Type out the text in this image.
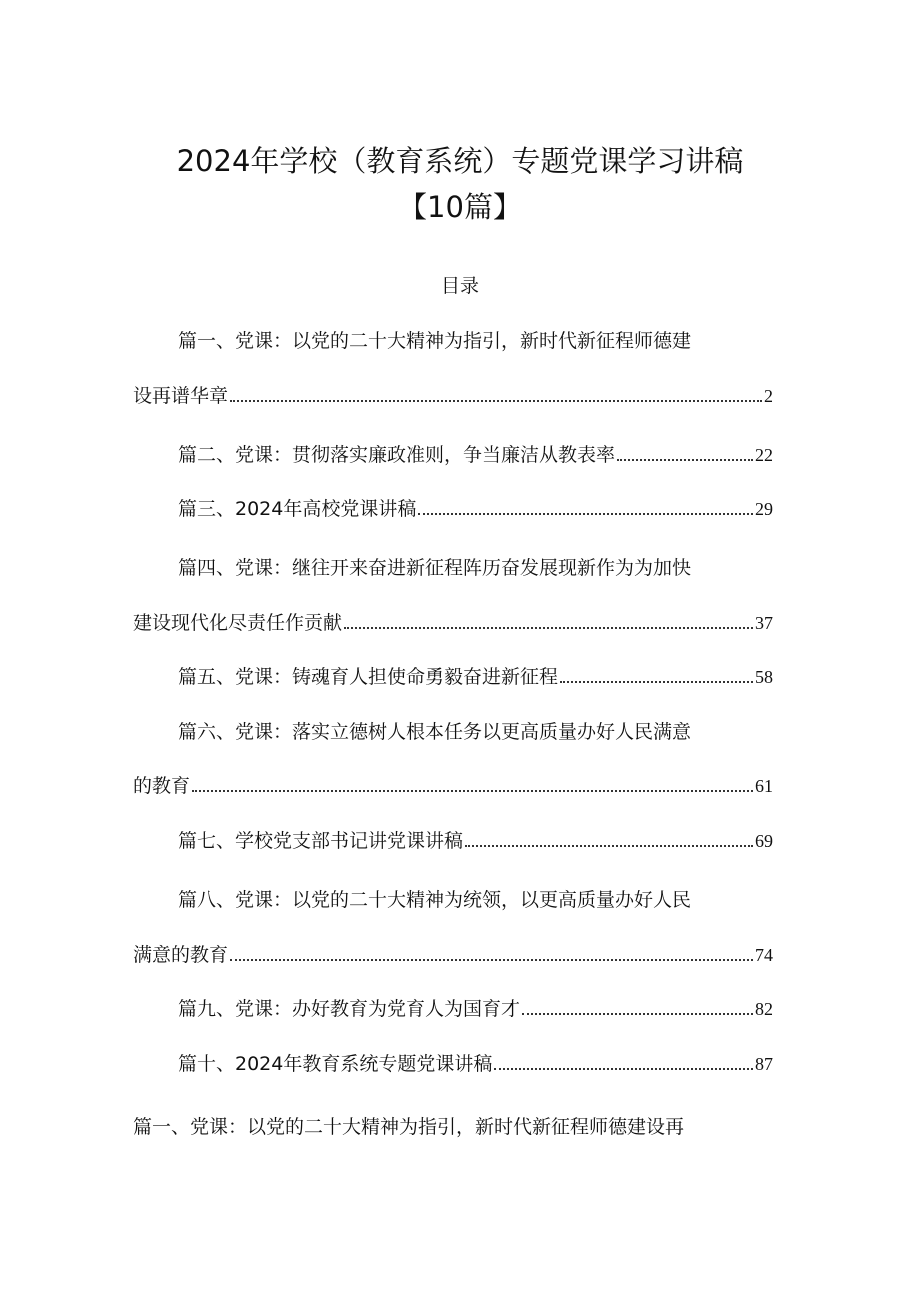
2024年学校（教育系统）专题党课学习讲稿
【10篇】
目录
篇一、党课：以党的二十大精神为指引，新时代新征程师德建
设再谱华章	2
篇二、党课：贯彻落实廉政准则，争当廉洁从教表率	22
篇三、2024年高校党课讲稿	29
篇四、党课：继往开来奋进新征程阵历奋发展现新作为为加快
建设现代化尽责任作贡献	37
篇五、党课：铸魂育人担使命勇毅奋进新征程	58
篇六、党课：落实立德树人根本任务以更高质量办好人民满意
的教育	61
篇七、学校党支部书记讲党课讲稿	69
篇八、党课：以党的二十大精神为统领，以更高质量办好人民
满意的教育	74
篇九、党课：办好教育为党育人为国育才	82
篇十、2024年教育系统专题党课讲稿	87
篇一、党课：以党的二十大精神为指引，新时代新征程师德建设再
